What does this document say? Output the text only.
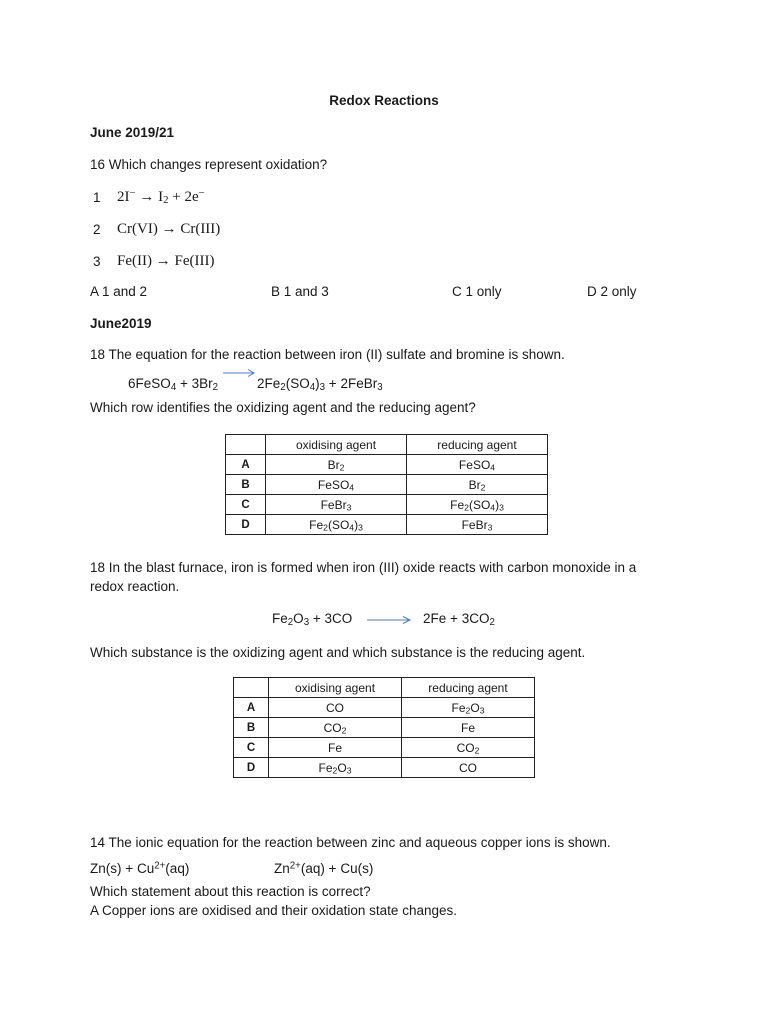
Redox Reactions
June 2019/21
16 Which changes represent oxidation?
1 $2I^- \to I_2 + 2e^-$
2 Cr(VI) → Cr(III)
3 Fe(II) → Fe(III)
A 1 and 2	B 1 and 3	C 1 only	D 2 only
June2019
18 The equation for the reaction between iron (II) sulfate and bromine is shown.
6FeSO$_4$ + $3Br_2$	$2Fe_2(SO_4)_3$ + 2FeBr$_3$
Which row identifies the oxidizing agent and the reducing agent?
	oxidising agent	reducing agent
A	$Br_2$	FeSO$_4$
B	FeSO$_4$	$Br_2$
C	FeBr$_3$	$Fe_2(SO_4)_3$
D	$Fe_2(SO_4)_3$	FeBr$_3$
18 In the blast furnace, iron is formed when iron (III) oxide reacts with carbon monoxide in a
redox reaction.
$Fe_2O_3 + 3CO \to 2Fe + 3CO_2$
Which substance is the oxidizing agent and which substance is the reducing agent.
	oxidising agent	reducing agent
A	CO	$Fe_2O_3$
B	$CO_2$	Fe
C	Fe	$CO_2$
D	$Fe_2O_3$	CO
14 The ionic equation for the reaction between zinc and aqueous copper ions is shown.
$Zn(s) + Cu^{2+}(aq)$	$Zn^{2+}(aq) + Cu(s)$
Which statement about this reaction is correct?
A Copper ions are oxidised and their oxidation state changes.
